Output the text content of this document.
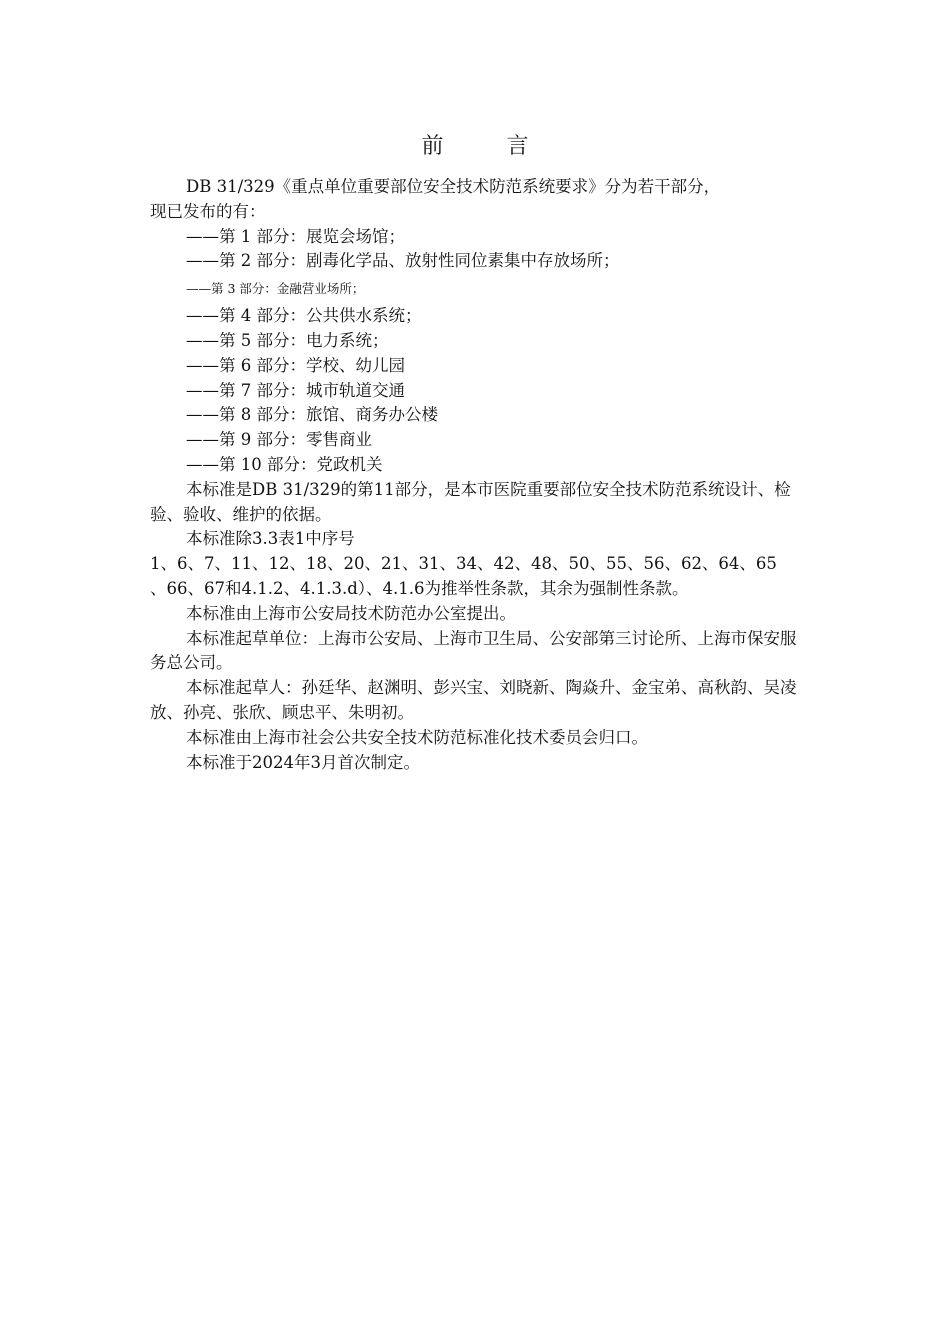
前 言

DB 31/329《重点单位重要部位安全技术防范系统要求》分为若干部分，

现已发布的有：

——第 1 部分：展览会场馆；

——第 2 部分：剧毒化学品、放射性同位素集中存放场所；

——第 3 部分：金融营业场所；

——第 4 部分：公共供水系统；

——第 5 部分：电力系统；

——第 6 部分：学校、幼儿园

——第 7 部分：城市轨道交通

——第 8 部分：旅馆、商务办公楼

——第 9 部分：零售商业

——第 10 部分：党政机关

本标准是DB 31/329的第11部分，是本市医院重要部位安全技术防范系统设计、检验、验收、维护的依据。

本标准除3.3表1中序号

1、6、7、11、12、18、20、21、31、34、42、48、50、55、56、62、64、65

、66、67和4.1.2、4.1.3.d）、4.1.6为推举性条款，其余为强制性条款。

本标准由上海市公安局技术防范办公室提出。

本标准起草单位：上海市公安局、上海市卫生局、公安部第三讨论所、上海市保安服务总公司。

本标准起草人：孙廷华、赵渊明、彭兴宝、刘晓新、陶焱升、金宝弟、高秋韵、吴凌放、孙亮、张欣、顾忠平、朱明初。

本标准由上海市社会公共安全技术防范标准化技术委员会归口。

本标准于2024年3月首次制定。
